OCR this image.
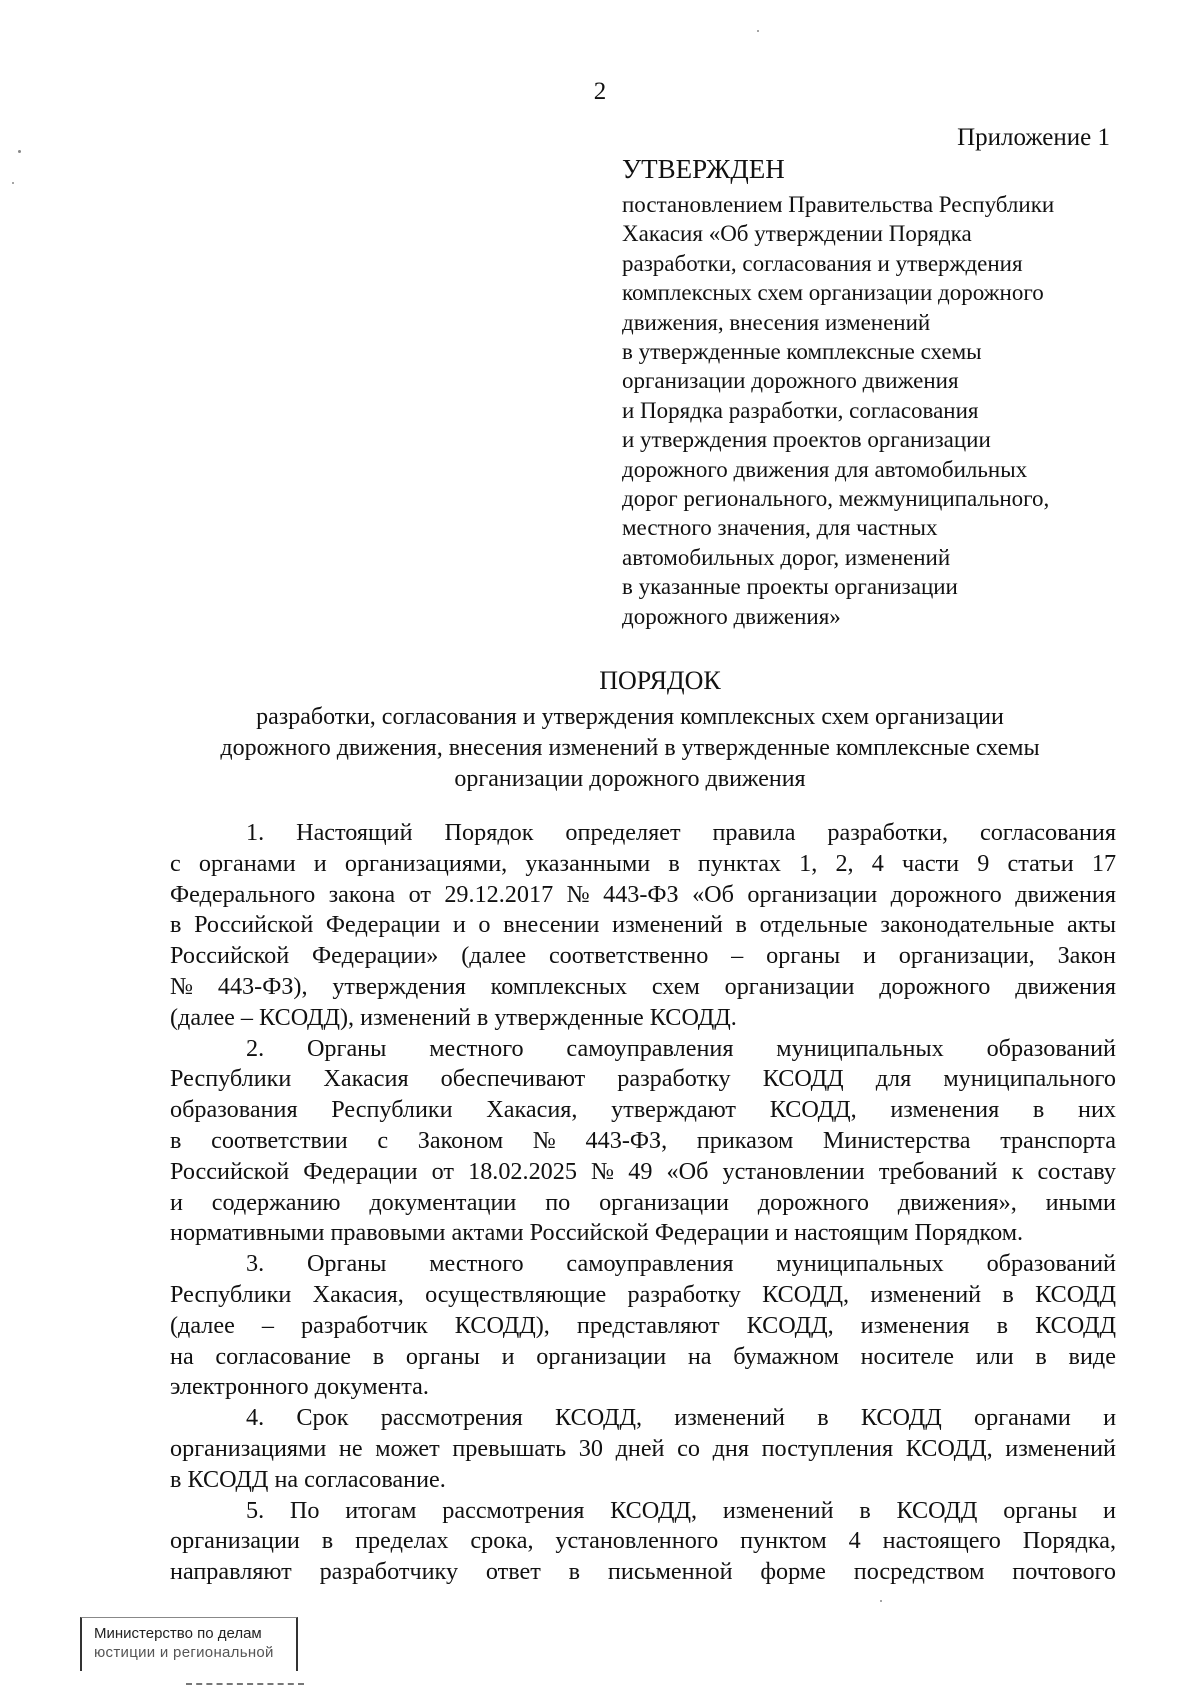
2
Приложение 1
УТВЕРЖДЕН
постановлением Правительства Республики
Хакасия «Об утверждении Порядка
разработки, согласования и утверждения
комплексных схем организации дорожного
движения, внесения изменений
в утвержденные комплексные схемы
организации дорожного движения
и Порядка разработки, согласования
и утверждения проектов организации
дорожного движения для автомобильных
дорог регионального, межмуниципального,
местного значения, для частных
автомобильных дорог, изменений
в указанные проекты организации
дорожного движения»
ПОРЯДОК
разработки, согласования и утверждения комплексных схем организации
дорожного движения, внесения изменений в утвержденные комплексные схемы
организации дорожного движения
1. Настоящий Порядок определяет правила разработки, согласования
с органами и организациями, указанными в пунктах 1, 2, 4 части 9 статьи 17
Федерального закона от 29.12.2017 № 443-ФЗ «Об организации дорожного движения
в Российской Федерации и о внесении изменений в отдельные законодательные акты
Российской Федерации» (далее соответственно – органы и организации, Закон
№ 443-ФЗ), утверждения комплексных схем организации дорожного движения
(далее – КСОДД), изменений в утвержденные КСОДД.
2. Органы местного самоуправления муниципальных образований
Республики Хакасия обеспечивают разработку КСОДД для муниципального
образования Республики Хакасия, утверждают КСОДД, изменения в них
в соответствии с Законом № 443-ФЗ, приказом Министерства транспорта
Российской Федерации от 18.02.2025 № 49 «Об установлении требований к составу
и содержанию документации по организации дорожного движения», иными
нормативными правовыми актами Российской Федерации и настоящим Порядком.
3. Органы местного самоуправления муниципальных образований
Республики Хакасия, осуществляющие разработку КСОДД, изменений в КСОДД
(далее – разработчик КСОДД), представляют КСОДД, изменения в КСОДД
на согласование в органы и организации на бумажном носителе или в виде
электронного документа.
4. Срок рассмотрения КСОДД, изменений в КСОДД органами и
организациями не может превышать 30 дней со дня поступления КСОДД, изменений
в КСОДД на согласование.
5. По итогам рассмотрения КСОДД, изменений в КСОДД органы и
организации в пределах срока, установленного пунктом 4 настоящего Порядка,
направляют разработчику ответ в письменной форме посредством почтового
Министерство по делам
юстиции и региональной
